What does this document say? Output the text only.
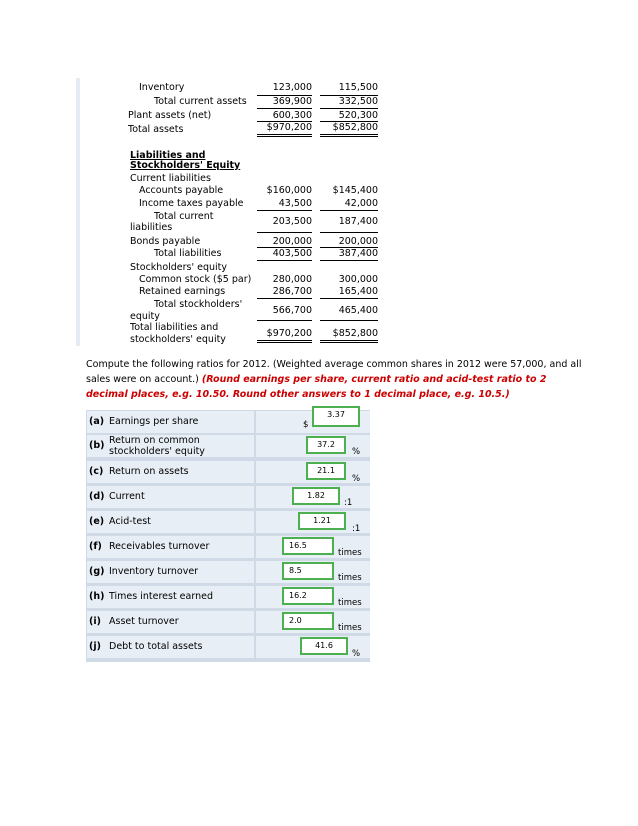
Inventory	123,000	115,500
Total current assets	369,900	332,500
Plant assets (net)	600,300	520,300
Total assets	$970,200	$852,800
Liabilities and
Stockholders' Equity
Current liabilities
Accounts payable	$160,000	$145,400
Income taxes payable	43,500	42,000
Total current
liabilities
203,500	187,400
Bonds payable	200,000	200,000
Total liabilities	403,500	387,400
Stockholders' equity
Common stock ($5 par)	280,000	300,000
Retained earnings	286,700	165,400
Total stockholders'
equity
566,700	465,400
Total liabilities and
stockholders' equity
$970,200	$852,800
Compute the following ratios for 2012. (Weighted average common shares in 2012 were 57,000, and all sales were on account.) (Round earnings per share, current ratio and acid-test ratio to 2 decimal places, e.g. 10.50. Round other answers to 1 decimal place, e.g. 10.5.)
(a) Earnings per share	$
3.37
(b) Return on common
stockholders' equity
37.2
%
(c) Return on assets	21.1
%
(d) Current	1.82
:1
(e) Acid-test	1.21
:1
(f) Receivables turnover	16.5
times
(g) Inventory turnover	8.5
times
(h) Times interest earned	16.2
times
(i) Asset turnover	2.0
times
(j) Debt to total assets	41.6
%
